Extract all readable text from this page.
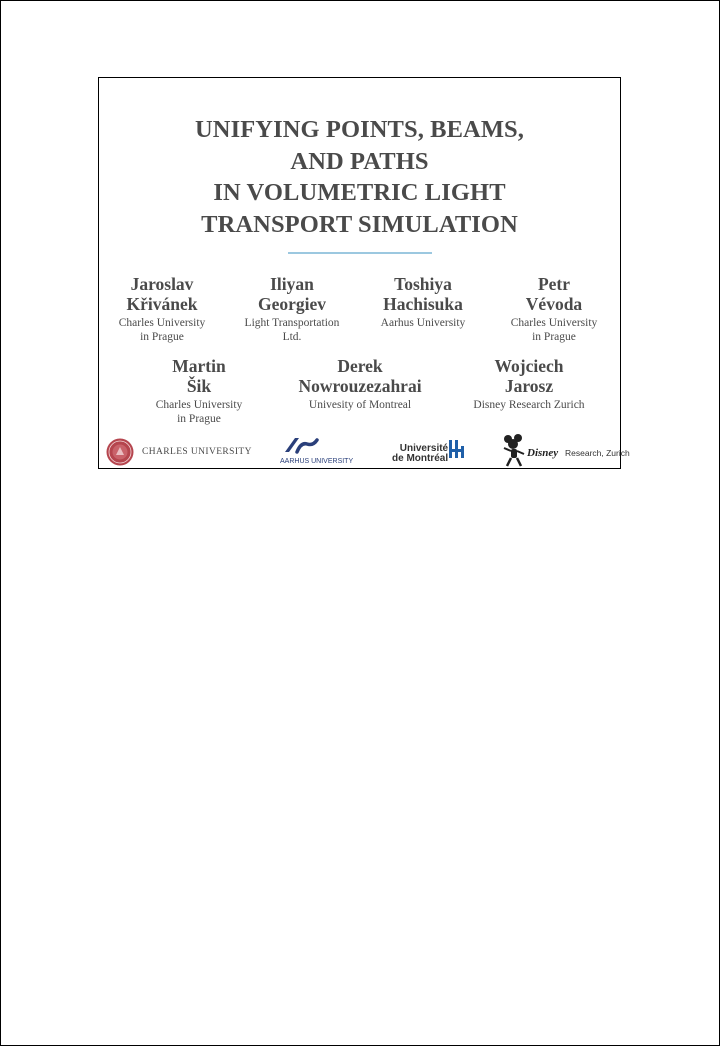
UNIFYING POINTS, BEAMS,
AND PATHS
IN VOLUMETRIC LIGHT
TRANSPORT SIMULATION
Jaroslav
Křivánek
Charles University
in Prague
Iliyan
Georgiev
Light Transportation
Ltd.
Toshiya
Hachisuka
Aarhus University
Petr
Vévoda
Charles University
in Prague
Martin
Šik
Charles University
in Prague
Derek
Nowrouzezahrai
Univesity of Montreal
Wojciech
Jarosz
Disney Research Zurich
CHARLES UNIVERSITY
AARHUS UNIVERSITY
Université
de Montréal	Disney Research, Zurich
